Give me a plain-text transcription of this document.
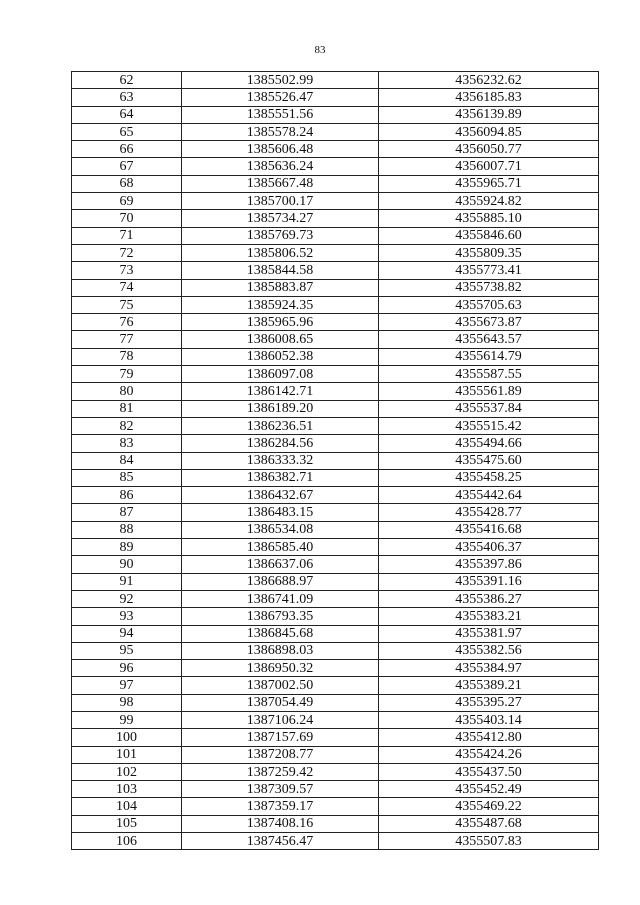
83
62	1385502.99	4356232.62
63	1385526.47	4356185.83
64	1385551.56	4356139.89
65	1385578.24	4356094.85
66	1385606.48	4356050.77
67	1385636.24	4356007.71
68	1385667.48	4355965.71
69	1385700.17	4355924.82
70	1385734.27	4355885.10
71	1385769.73	4355846.60
72	1385806.52	4355809.35
73	1385844.58	4355773.41
74	1385883.87	4355738.82
75	1385924.35	4355705.63
76	1385965.96	4355673.87
77	1386008.65	4355643.57
78	1386052.38	4355614.79
79	1386097.08	4355587.55
80	1386142.71	4355561.89
81	1386189.20	4355537.84
82	1386236.51	4355515.42
83	1386284.56	4355494.66
84	1386333.32	4355475.60
85	1386382.71	4355458.25
86	1386432.67	4355442.64
87	1386483.15	4355428.77
88	1386534.08	4355416.68
89	1386585.40	4355406.37
90	1386637.06	4355397.86
91	1386688.97	4355391.16
92	1386741.09	4355386.27
93	1386793.35	4355383.21
94	1386845.68	4355381.97
95	1386898.03	4355382.56
96	1386950.32	4355384.97
97	1387002.50	4355389.21
98	1387054.49	4355395.27
99	1387106.24	4355403.14
100	1387157.69	4355412.80
101	1387208.77	4355424.26
102	1387259.42	4355437.50
103	1387309.57	4355452.49
104	1387359.17	4355469.22
105	1387408.16	4355487.68
106	1387456.47	4355507.83
